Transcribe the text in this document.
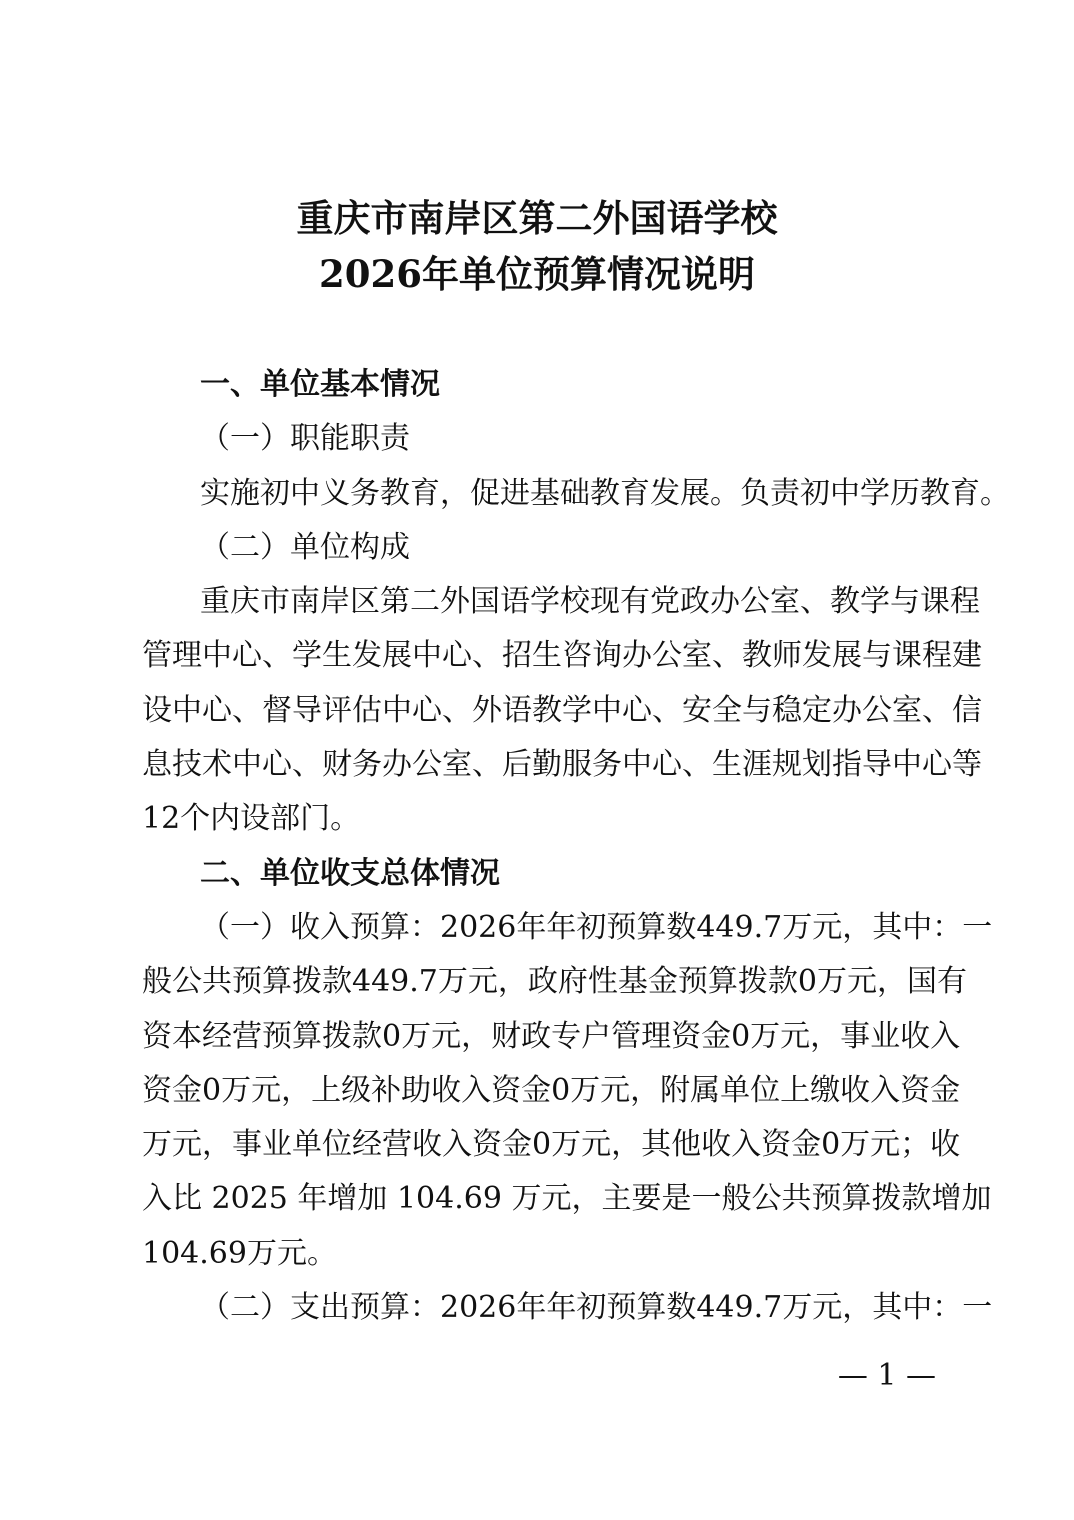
重庆市南岸区第二外国语学校
2026年单位预算情况说明
一、单位基本情况
（一）职能职责
实施初中义务教育，促进基础教育发展。负责初中学历教育。
（二）单位构成
重庆市南岸区第二外国语学校现有党政办公室、教学与课程
管理中心、学生发展中心、招生咨询办公室、教师发展与课程建
设中心、督导评估中心、外语教学中心、安全与稳定办公室、信
息技术中心、财务办公室、后勤服务中心、生涯规划指导中心等
12个内设部门。
二、单位收支总体情况
（一）收入预算：2026年年初预算数449.7万元，其中：一
般公共预算拨款449.7万元，政府性基金预算拨款0万元，国有
资本经营预算拨款0万元，财政专户管理资金0万元，事业收入
资金0万元，上级补助收入资金0万元，附属单位上缴收入资金
万元，事业单位经营收入资金0万元，其他收入资金0万元；收
入比 2025 年增加 104.69 万元，主要是一般公共预算拨款增加
104.69万元。
（二）支出预算：2026年年初预算数449.7万元，其中：一
— 1 —
